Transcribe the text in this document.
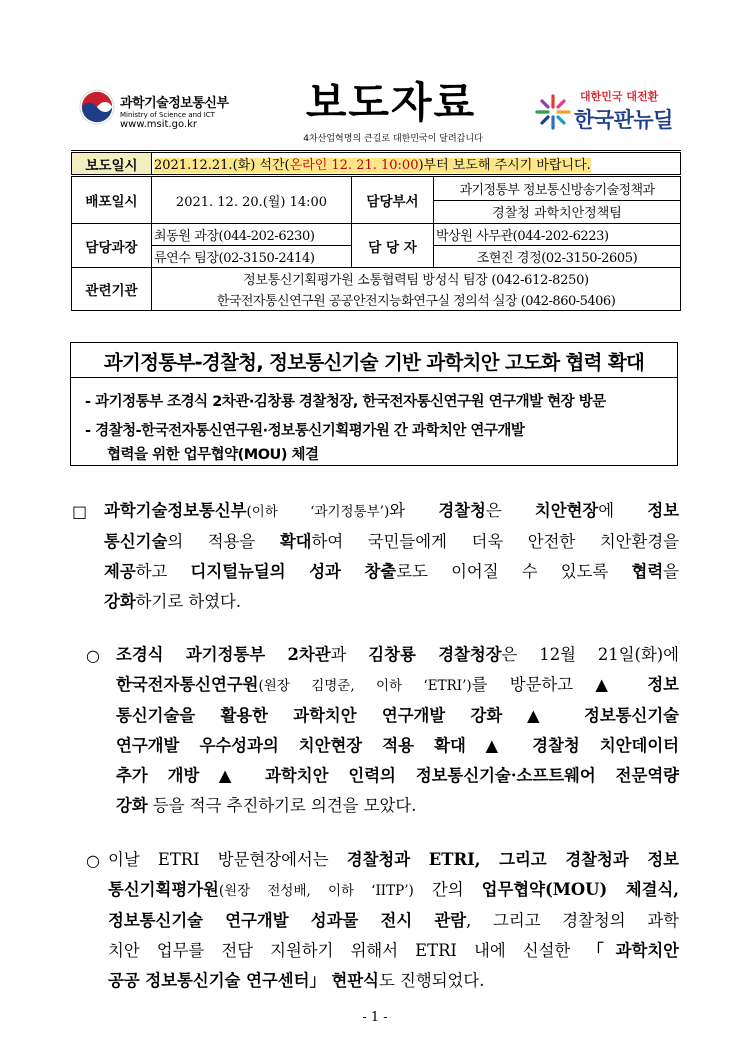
과학기술정보통신부
Ministry of Science and ICT
www.msit.go.kr	보도자료
4차산업혁명의 큰길로 대한민국이 달려갑니다
대한민국 대전환
한국판뉴딜
보도일시	2021.12.21.(화) 석간(온라인 12. 21. 10:00)부터 보도해 주시기 바랍니다.		
배포일시	2021. 12. 20.(월) 14:00	담당부서	과기정통부 정보통신방송기술정책과
			경찰청 과학치안정책팀
담당과장	최동원 과장(044-202-6230)	담 당 자	박상원 사무관(044-202-6223)
	류연수 팀장(02-3150-2414)		조현진 경정(02-3150-2605)
관련기관	정보통신기획평가원 소통협력팀 방성식 팀장 (042-612-8250)		
	한국전자통신연구원 공공안전지능화연구실 정의석 실장 (042-860-5406)		
과기정통부-경찰청, 정보통신기술 기반 과학치안 고도화 협력 확대
- 과기정통부 조경식 2차관·김창룡 경찰청장, 한국전자통신연구원 연구개발 현장 방문
- 경찰청-한국전자통신연구원·정보통신기획평가원 간 과학치안 연구개발
협력을 위한 업무협약(MOU) 체결
□ 과학기술정보통신부(이하 ‘과기정통부’)와 경찰청은 치안현장에 정보
통신기술의 적용을 확대하여 국민들에게 더욱 안전한 치안환경을
제공하고 디지털뉴딜의 성과 창출로도 이어질 수 있도록 협력을
강화하기로 하였다.
○ 조경식 과기정통부 2차관과 김창룡 경찰청장은 12월 21일(화)에
한국전자통신연구원(원장 김명준, 이하 ‘ETRI’)를 방문하고 ▲ 정보
통신기술을 활용한 과학치안 연구개발 강화 ▲ 정보통신기술
연구개발 우수성과의 치안현장 적용 확대 ▲ 경찰청 치안데이터
추가 개방 ▲ 과학치안 인력의 정보통신기술·소프트웨어 전문역량
강화 등을 적극 추진하기로 의견을 모았다.
○ 이날 ETRI 방문현장에서는 경찰청과 ETRI, 그리고 경찰청과 정보
통신기획평가원(원장 전성배, 이하 ‘IITP’) 간의 업무협약(MOU) 체결식,
정보통신기술 연구개발 성과물 전시 관람, 그리고 경찰청의 과학
치안 업무를 전담 지원하기 위해서 ETRI 내에 신설한 「과학치안
공공 정보통신기술 연구센터」 현판식도 진행되었다.
- 1 -
